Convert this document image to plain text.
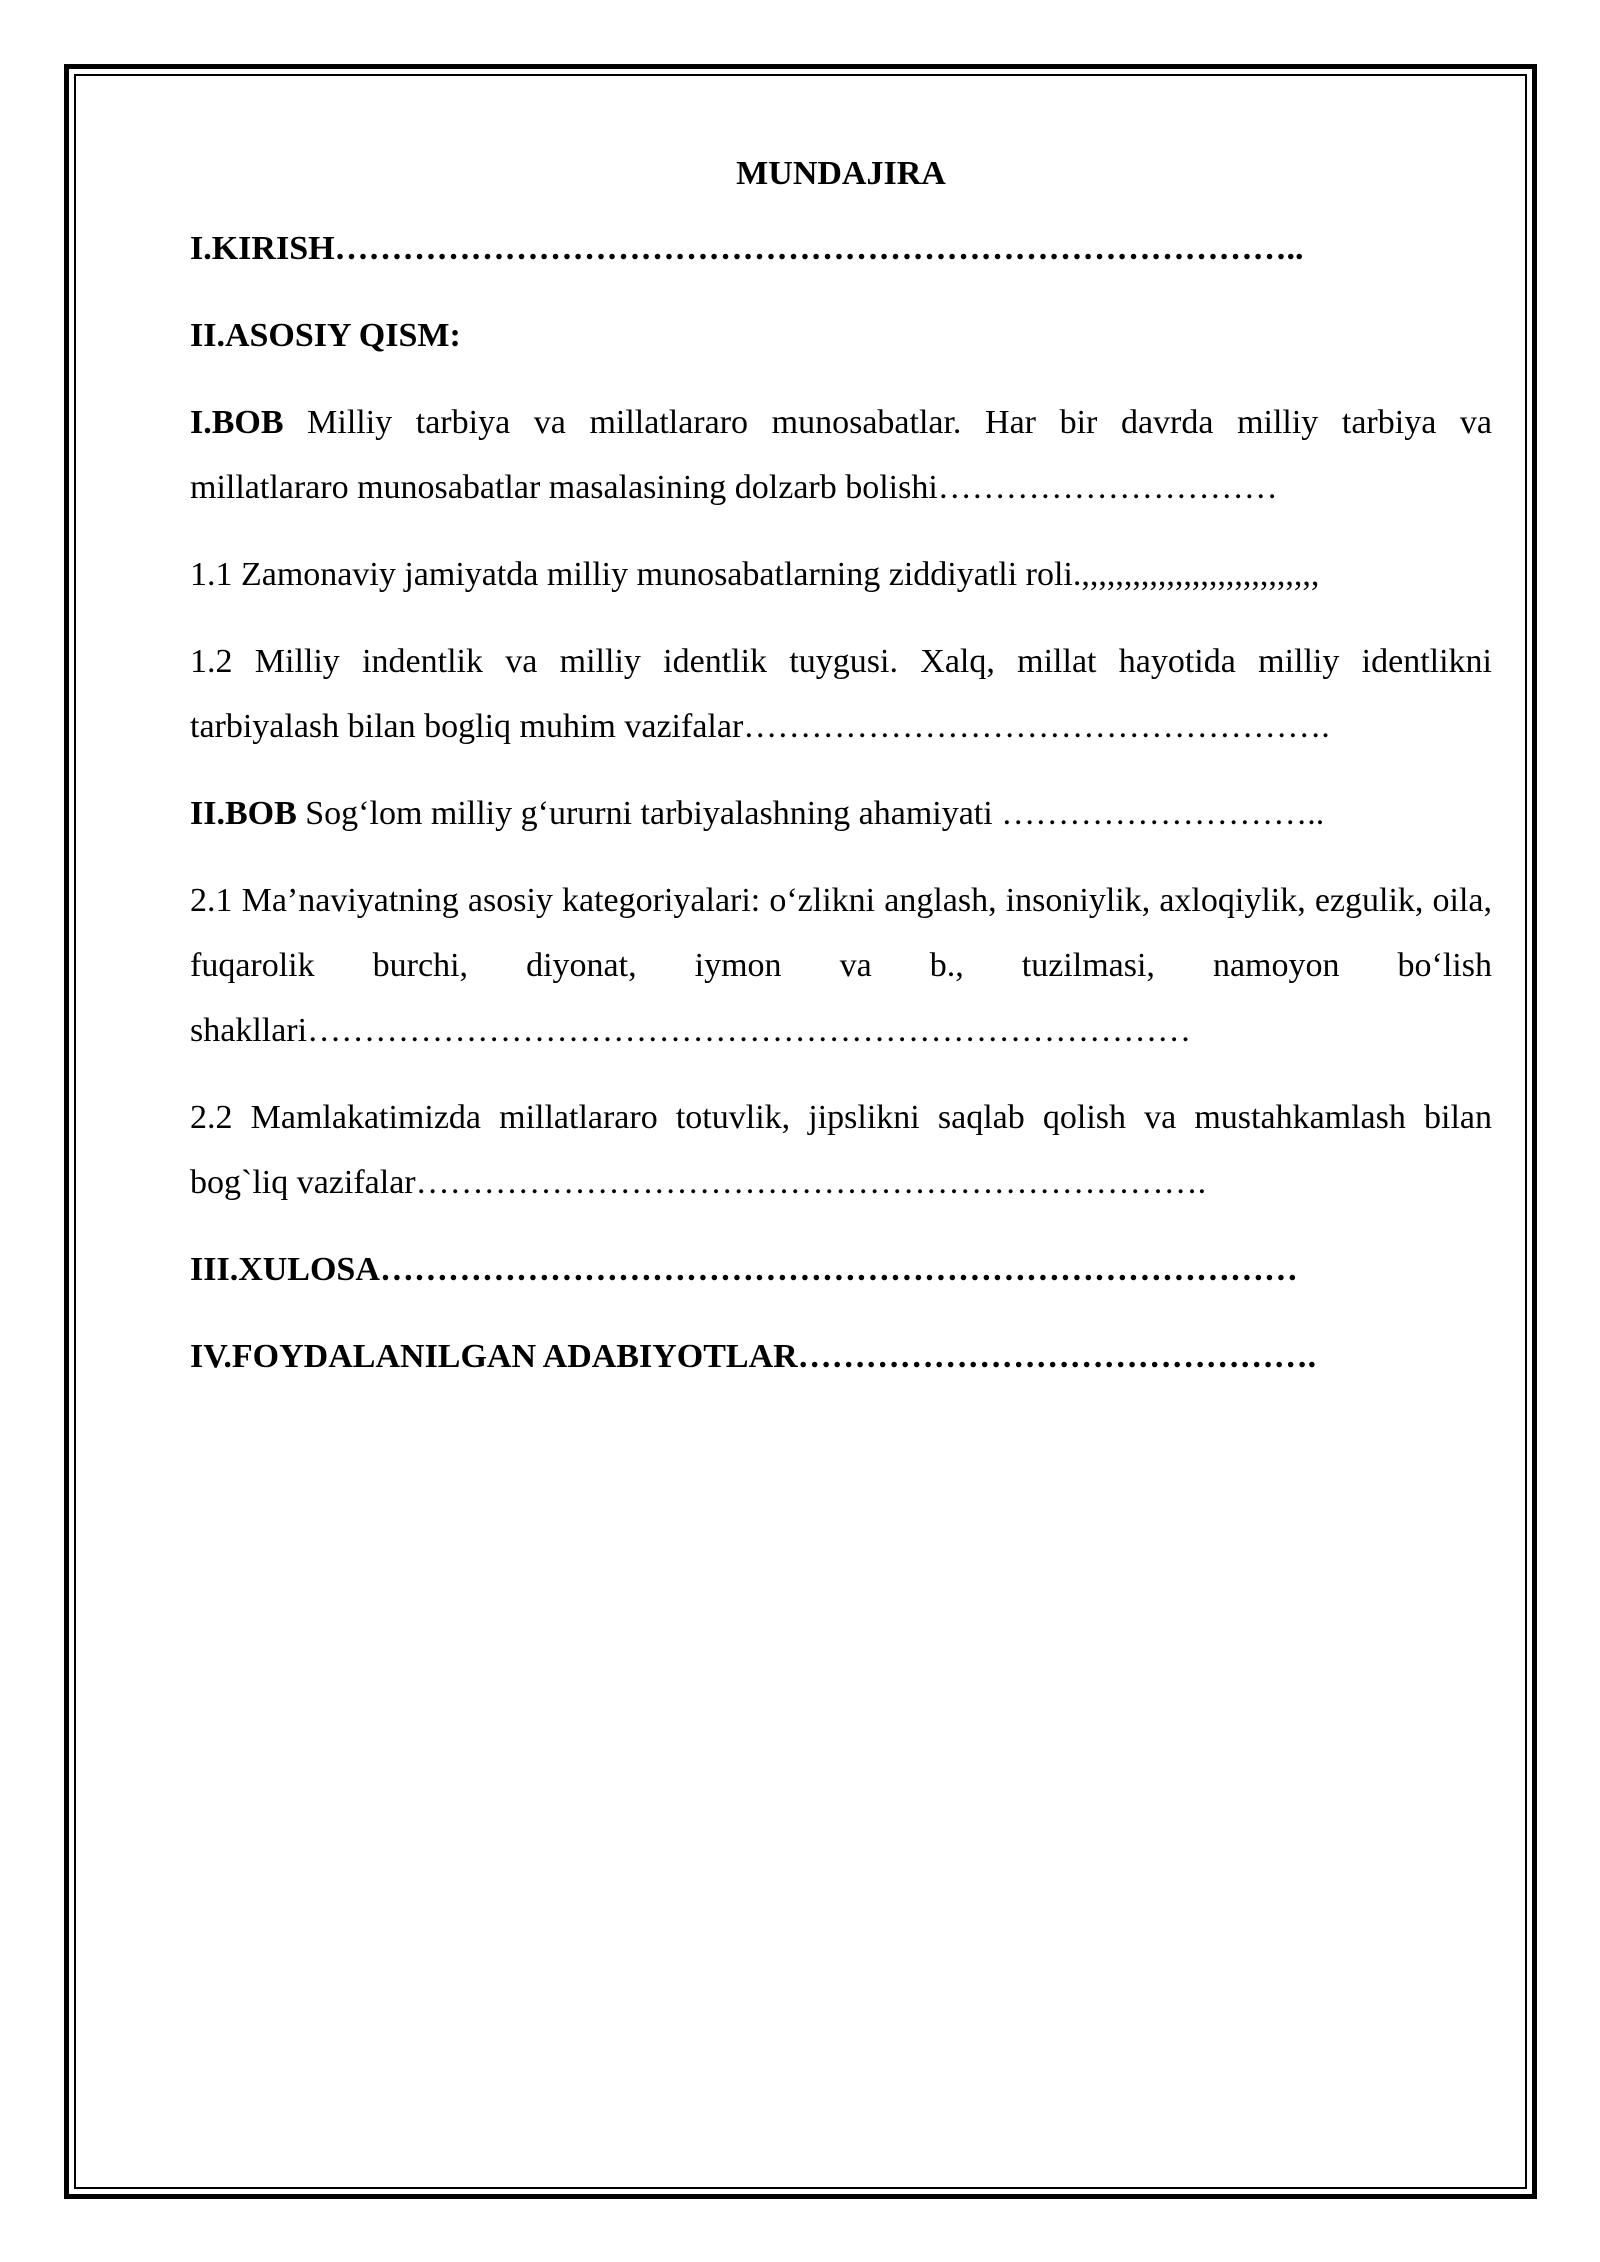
MUNDAJIRA

I.KIRISH…………………………………………………………………………..

II.ASOSIY QISM:

I.BOB Milliy tarbiya va millatlararo munosabatlar. Har bir davrda milliy tarbiya va millatlararo munosabatlar masalasining dolzarb bolishi…………………………

1.1 Zamonaviy jamiyatda milliy munosabatlarning ziddiyatli roli.,,,,,,,,,,,,,,,,,,,,,,,,,,,,

1.2 Milliy indentlik va milliy identlik tuygusi. Xalq, millat hayotida milliy identlikni tarbiyalash bilan bogliq muhim vazifalar…………………………………………….

II.BOB Sog‘lom milliy g‘ururni tarbiyalashning ahamiyati ………………………..

2.1 Ma’naviyatning asosiy kategoriyalari: o‘zlikni anglash, insoniylik, axloqiylik, ezgulik, oila, fuqarolik burchi, diyonat, iymon va b., tuzilmasi, namoyon bo‘lish shakllari……………………………………………………………………

2.2 Mamlakatimizda millatlararo totuvlik, jipslikni saqlab qolish va mustahkamlash bilan bog`liq vazifalar…………………………………………………………….

III.XULOSA………………………………………………………………………

IV.FOYDALANILGAN ADABIYOTLAR……………………………………….
